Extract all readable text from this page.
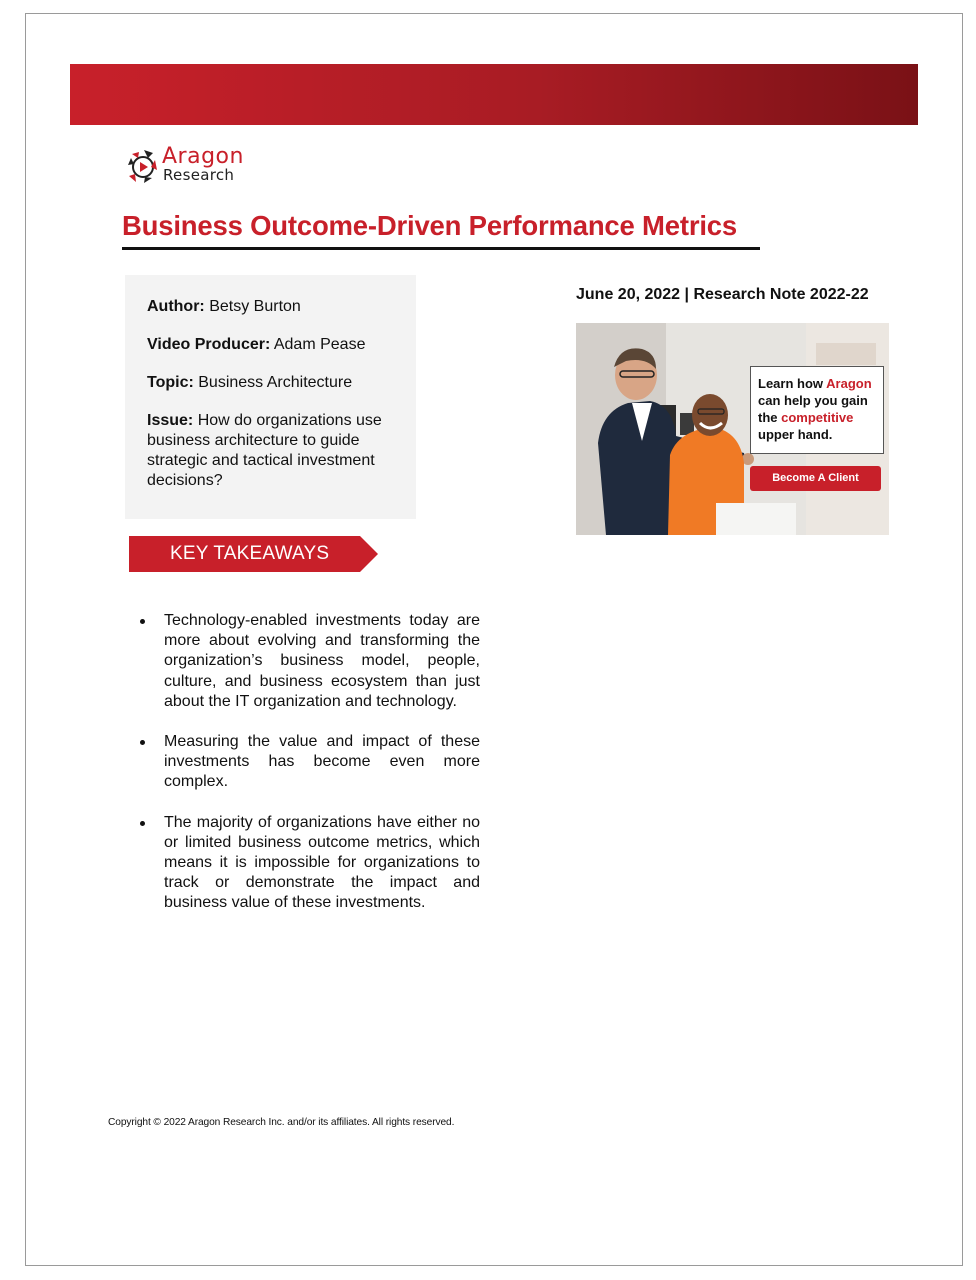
Aragon
Research
Business Outcome-Driven Performance Metrics

Author: Betsy Burton

Video Producer: Adam Pease

Topic: Business Architecture

Issue: How do organizations use business architecture to guide strategic and tactical investment decisions?

June 20, 2022 | Research Note 2022-22
Learn how Aragon
can help you gain
the competitive
upper hand.
Become A Client
KEY TAKEAWAYS
Technology-enabled investments today are more about evolving and transforming the organization’s business model, people, culture, and business ecosystem than just about the IT organization and technology.
Measuring the value and impact of these investments has become even more complex.
The majority of organizations have either no or limited business outcome metrics, which means it is impossible for organizations to track or demonstrate the impact and business value of these investments.
Copyright © 2022 Aragon Research Inc. and/or its affiliates. All rights reserved.
